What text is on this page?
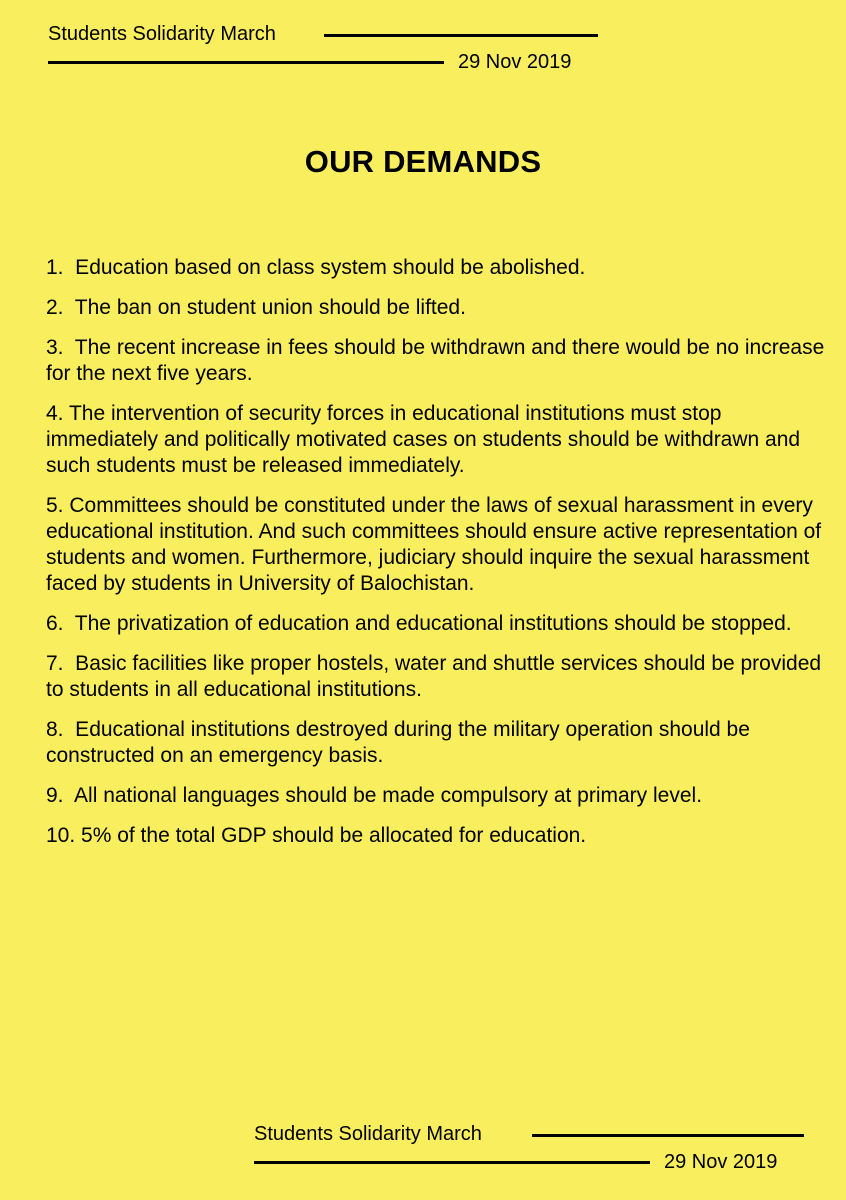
Students Solidarity March
29 Nov 2019
OUR DEMANDS
1.  Education based on class system should be abolished.
2.  The ban on student union should be lifted.
3.  The recent increase in fees should be withdrawn and there would be no increase for the next five years.
4. The intervention of security forces in educational institutions must stop immediately and politically motivated cases on students should be withdrawn and such students must be released immediately.
5. Committees should be constituted under the laws of sexual harassment in every educational institution. And such committees should ensure active representation of students and women. Furthermore, judiciary should inquire the sexual harassment faced by students in University of Balochistan.
6.  The privatization of education and educational institutions should be stopped.
7.  Basic facilities like proper hostels, water and shuttle services should be provided to students in all educational institutions.
8.  Educational institutions destroyed during the military operation should be constructed on an emergency basis.
9.  All national languages should be made compulsory at primary level.
10. 5% of the total GDP should be allocated for education.
Students Solidarity March
29 Nov 2019
